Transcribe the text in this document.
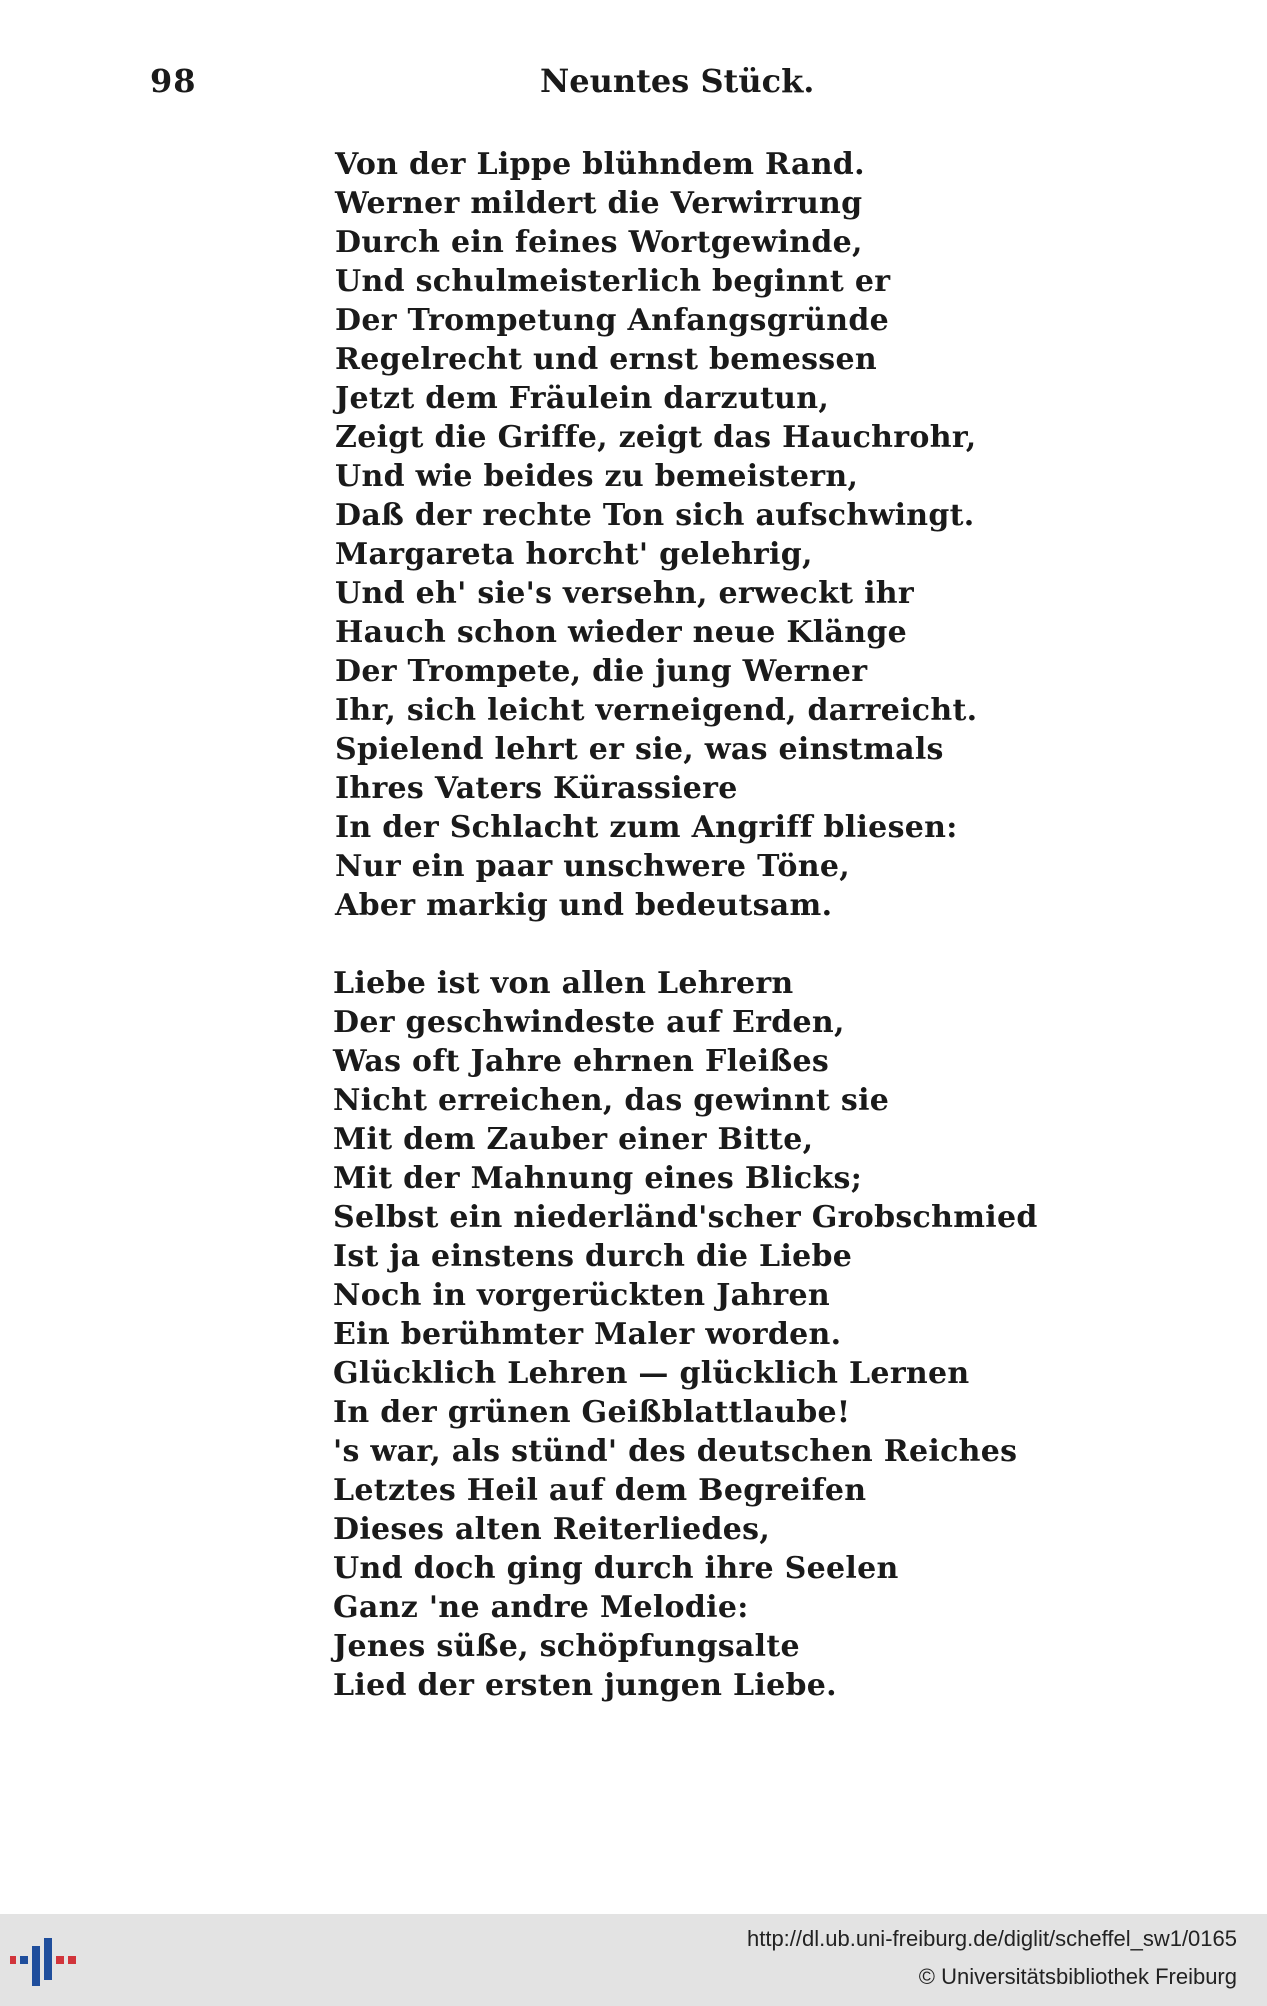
98	Neuntes Stück.
Von der Lippe blühndem Rand.
Werner mildert die Verwirrung
Durch ein feines Wortgewinde,
Und schulmeisterlich beginnt er
Der Trompetung Anfangsgründe
Regelrecht und ernst bemessen
Jetzt dem Fräulein darzutun,
Zeigt die Griffe, zeigt das Hauchrohr,
Und wie beides zu bemeistern,
Daß der rechte Ton sich aufschwingt.
Margareta horcht' gelehrig,
Und eh' sie's versehn, erweckt ihr
Hauch schon wieder neue Klänge
Der Trompete, die jung Werner
Ihr, sich leicht verneigend, darreicht.
Spielend lehrt er sie, was einstmals
Ihres Vaters Kürassiere
In der Schlacht zum Angriff bliesen:
Nur ein paar unschwere Töne,
Aber markig und bedeutsam.
Liebe ist von allen Lehrern
Der geschwindeste auf Erden,
Was oft Jahre ehrnen Fleißes
Nicht erreichen, das gewinnt sie
Mit dem Zauber einer Bitte,
Mit der Mahnung eines Blicks;
Selbst ein niederländ'scher Grobschmied
Ist ja einstens durch die Liebe
Noch in vorgerückten Jahren
Ein berühmter Maler worden.
Glücklich Lehren — glücklich Lernen
In der grünen Geißblattlaube!
's war, als stünd' des deutschen Reiches
Letztes Heil auf dem Begreifen
Dieses alten Reiterliedes,
Und doch ging durch ihre Seelen
Ganz 'ne andre Melodie:
Jenes süße, schöpfungsalte
Lied der ersten jungen Liebe.
http://dl.ub.uni-freiburg.de/diglit/scheffel_sw1/0165
© Universitätsbibliothek Freiburg
